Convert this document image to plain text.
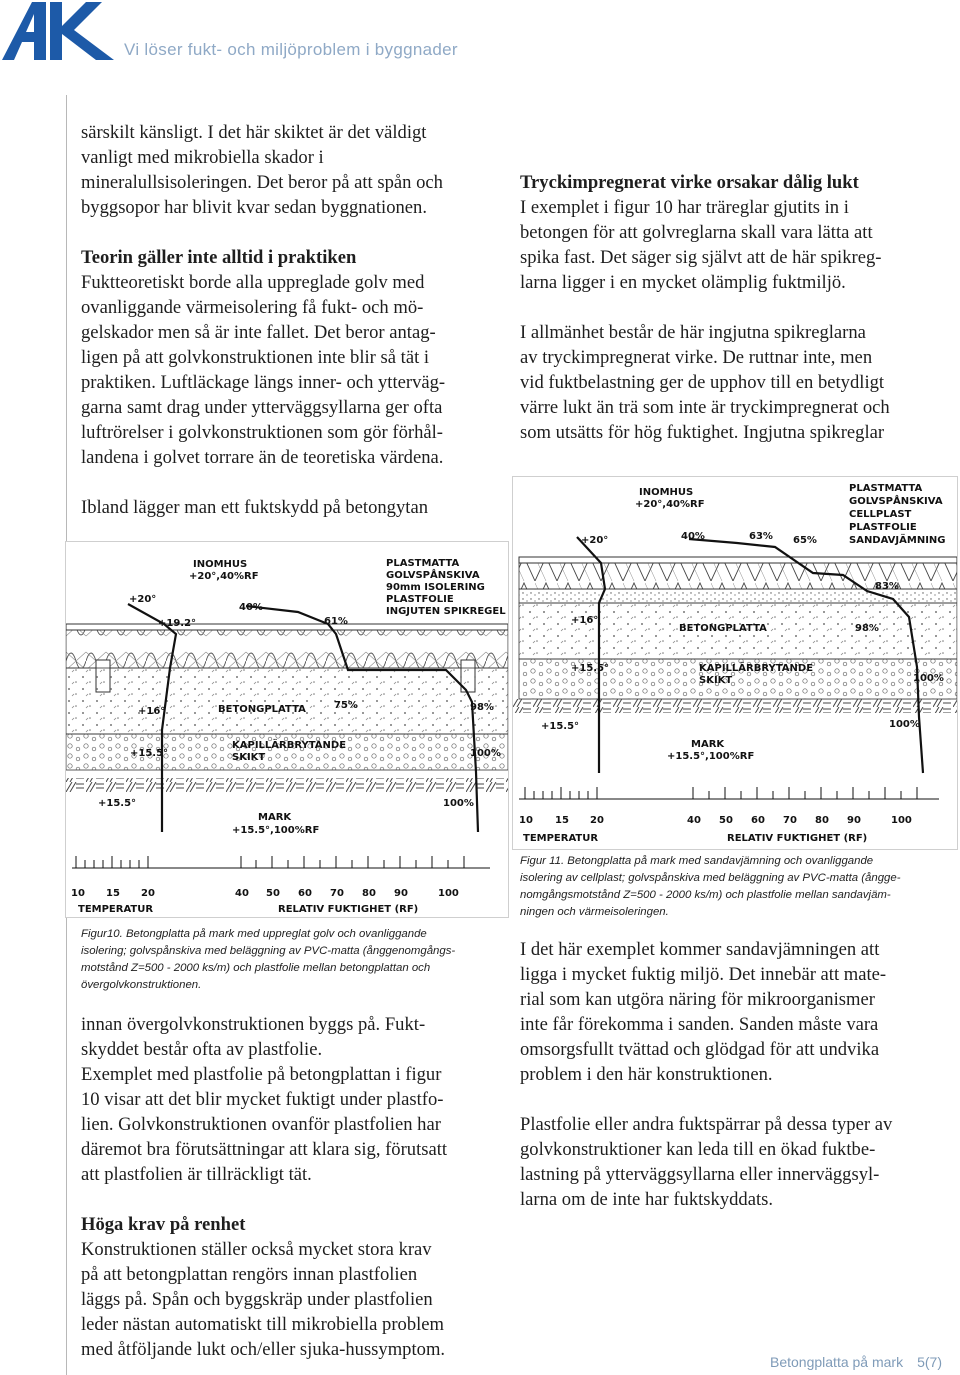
Vi löser fukt- och miljöproblem i byggnader

särskilt känsligt. I det här skiktet är det väldigt

vanligt med mikrobiella skador i

mineralullsisoleringen. Det beror på att spån och

byggsopor har blivit kvar sedan byggnationen.

Teorin gäller inte alltid i praktiken

Fuktteoretiskt borde alla uppreglade golv med

ovanliggande värmeisolering få fukt- och mö-

gelskador men så är inte fallet. Det beror antag-

ligen på att golvkonstruktionen inte blir så tät i

praktiken. Luftläckage längs inner- och ytterväg-

garna samt drag under ytterväggsyllarna ger ofta

luftrörelser i golvkonstruktionen som gör förhål-

landena i golvet torrare än de teoretiska värdena.

Ibland lägger man ett fuktskydd på betongytan

Tryckimpregnerat virke orsakar dålig lukt

I exemplet i figur 10 har träreglar gjutits in i

betongen för att golvreglarna skall vara lätta att

spika fast. Det säger sig självt att de här spikreg-

larna ligger i en mycket olämplig fuktmiljö.

I allmänhet består de här ingjutna spikreglarna

av tryckimpregnerat virke. De ruttnar inte, men

vid fuktbelastning ger de upphov till en betydligt

värre lukt än trä som inte är tryckimpregnerat och

som utsätts för hög fuktighet. Ingjutna spikreglar

INOMHUS
+20°,40%RF
PLASTMATTA
GOLVSPÅNSKIVA
90mm ISOLERING
PLASTFOLIE
INGJUTEN SPIKREGEL
+20°
+19.2°
40%
61%
75%	98%
+16°	BETONGPLATTA
KAPILLÄRBRYTANDE
SKIKT
+15.5°	100%
+15.5°	100%
MARK
+15.5°,100%RF
10 15 20	40 50 60 70 80 90	100
TEMPERATUR	RELATIV FUKTIGHET (RF)

Figur10. Betongplatta på mark med uppreglat golv och ovanliggande

isolering; golvspånskiva med beläggning av PVC-matta (ånggenomgångs-

motstånd Z=500 - 2000 ks/m) och plastfolie mellan betongplattan och

övergolvkonstruktionen.

INOMHUS
+20°,40%RF
PLASTMATTA
GOLVSPÅNSKIVA
CELLPLAST
PLASTFOLIE
SANDAVJÄMNING
+20°	40%	63% 65%
83%
+16°
BETONGPLATTA	98%
+15.5°	KAPILLÄRBRYTANDE
SKIKT	100%
+15.5°	100%
MARK
+15.5°,100%RF
10 15 20	40 50 60 70 80 90	100
TEMPERATUR	RELATIV FUKTIGHET (RF)

Figur 11. Betongplatta på mark med sandavjämning och ovanliggande

isolering av cellplast; golvspånskiva med beläggning av PVC-matta (ångge-

nomgångsmotstånd Z=500 - 2000 ks/m) och plastfolie mellan sandavjäm-

ningen och värmeisoleringen.

innan övergolvkonstruktionen byggs på. Fukt-

skyddet består ofta av plastfolie.

Exemplet med plastfolie på betongplattan i figur

10 visar att det blir mycket fuktigt under plastfo-

lien. Golvkonstruktionen ovanför plastfolien har

däremot bra förutsättningar att klara sig, förutsatt

att plastfolien är tillräckligt tät.

Höga krav på renhet

Konstruktionen ställer också mycket stora krav

på att betongplattan rengörs innan plastfolien

läggs på. Spån och byggskräp under plastfolien

leder nästan automatiskt till mikrobiella problem

med åtföljande lukt och/eller sjuka-hussymptom.

I det här exemplet kommer sandavjämningen att

ligga i mycket fuktig miljö. Det innebär att mate-

rial som kan utgöra näring för mikroorganismer

inte får förekomma i sanden. Sanden måste vara

omsorgsfullt tvättad och glödgad för att undvika

problem i den här konstruktionen.

Plastfolie eller andra fuktspärrar på dessa typer av

golvkonstruktioner kan leda till en ökad fuktbe-

lastning på ytterväggsyllarna eller innerväggsyl-

larna om de inte har fuktskyddats.

Betongplatta på mark 5(7)
